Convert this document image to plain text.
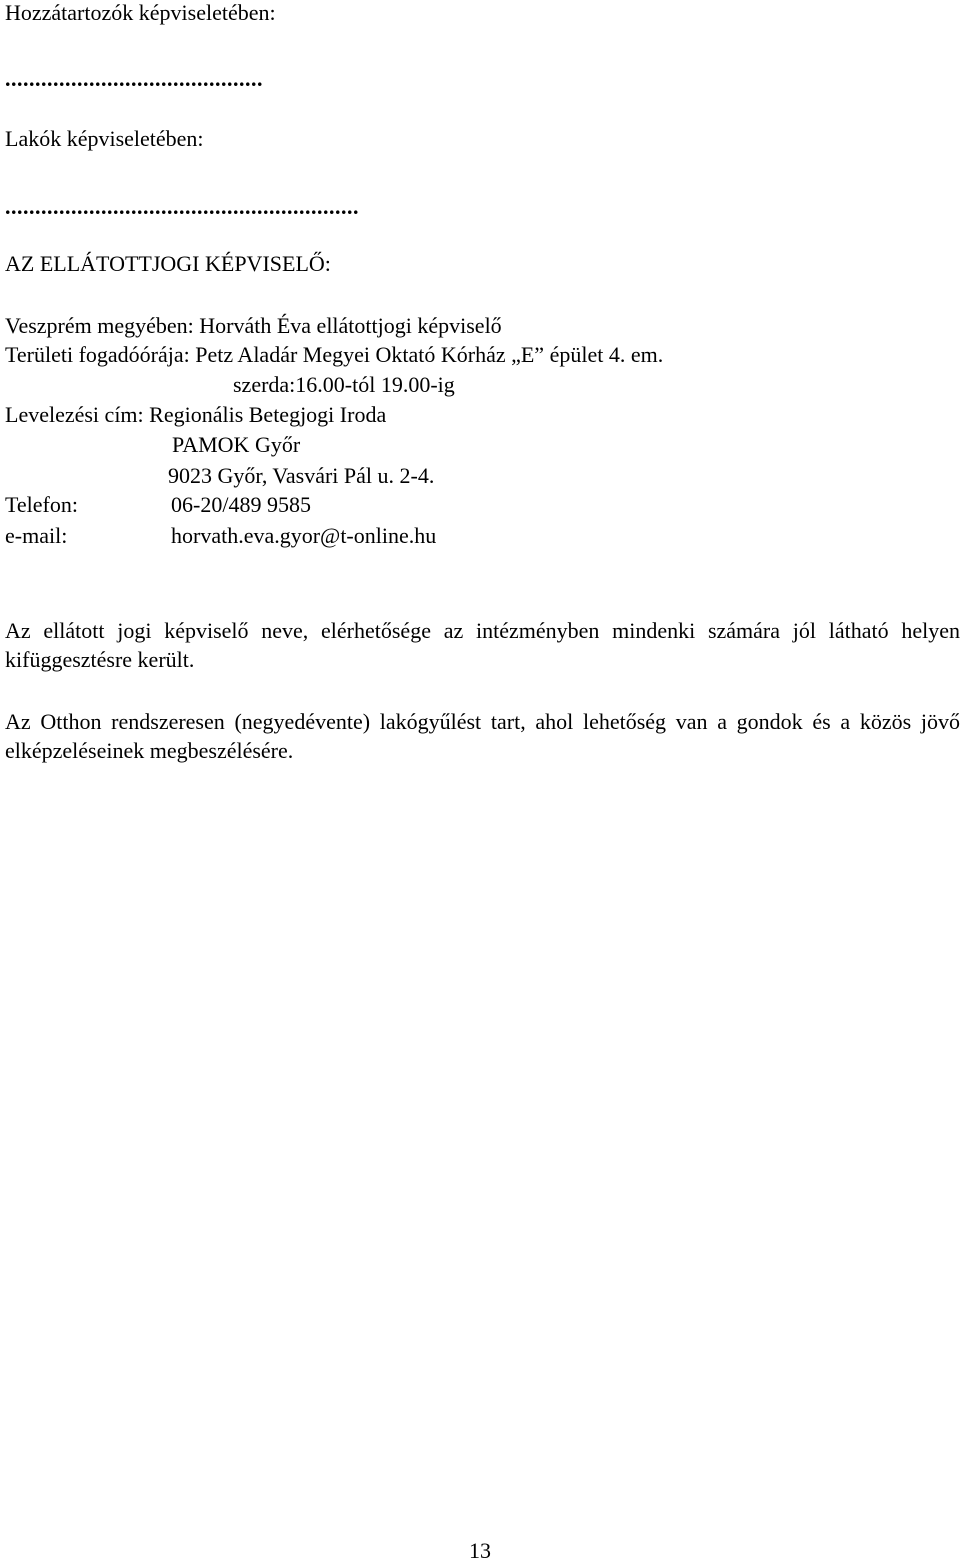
Hozzátartozók képviseletében:
...........................................
Lakók képviseletében:
...........................................................
AZ ELLÁTOTTJOGI KÉPVISELŐ:
Veszprém megyében: Horváth Éva ellátottjogi képviselő
Területi fogadóórája: Petz Aladár Megyei Oktató Kórház „E” épület 4. em.
szerda:16.00-tól 19.00-ig
Levelezési cím: Regionális Betegjogi Iroda
PAMOK Győr
9023 Győr, Vasvári Pál u. 2-4.
Telefon:	06-20/489 9585
e-mail:	horvath.eva.gyor@t-online.hu
Az ellátott jogi képviselő neve, elérhetősége az intézményben mindenki számára jól látható helyen kifüggesztésre került.
Az Otthon rendszeresen (negyedévente) lakógyűlést tart, ahol lehetőség van a gondok és a közös jövő elképzeléseinek megbeszélésére.
13
